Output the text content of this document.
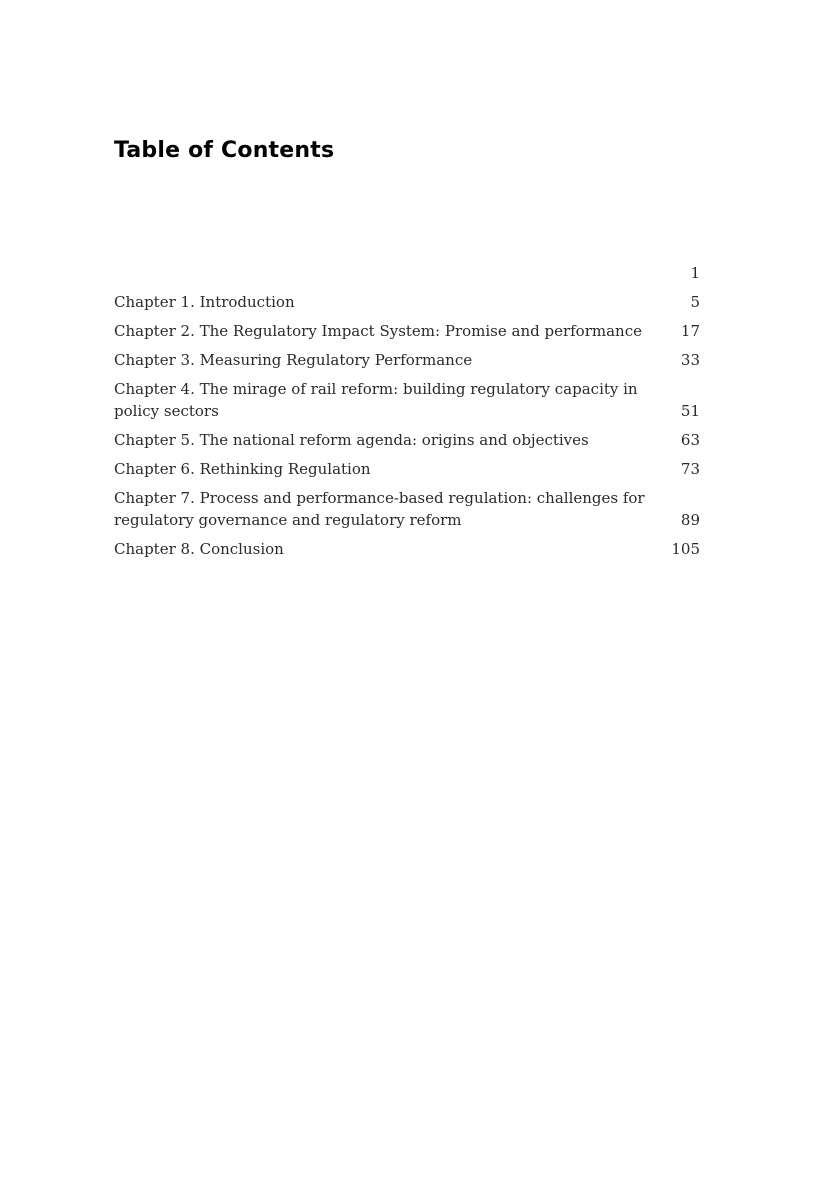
Table of Contents
1
Chapter 1. Introduction	5
Chapter 2. The Regulatory Impact System: Promise and performance	17
Chapter 3. Measuring Regulatory Performance	33
Chapter 4. The mirage of rail reform: building regulatory capacity in policy sectors	51
Chapter 5. The national reform agenda: origins and objectives	63
Chapter 6. Rethinking Regulation	73
Chapter 7. Process and performance-based regulation: challenges for regulatory governance and regulatory reform	89
Chapter 8. Conclusion	105
